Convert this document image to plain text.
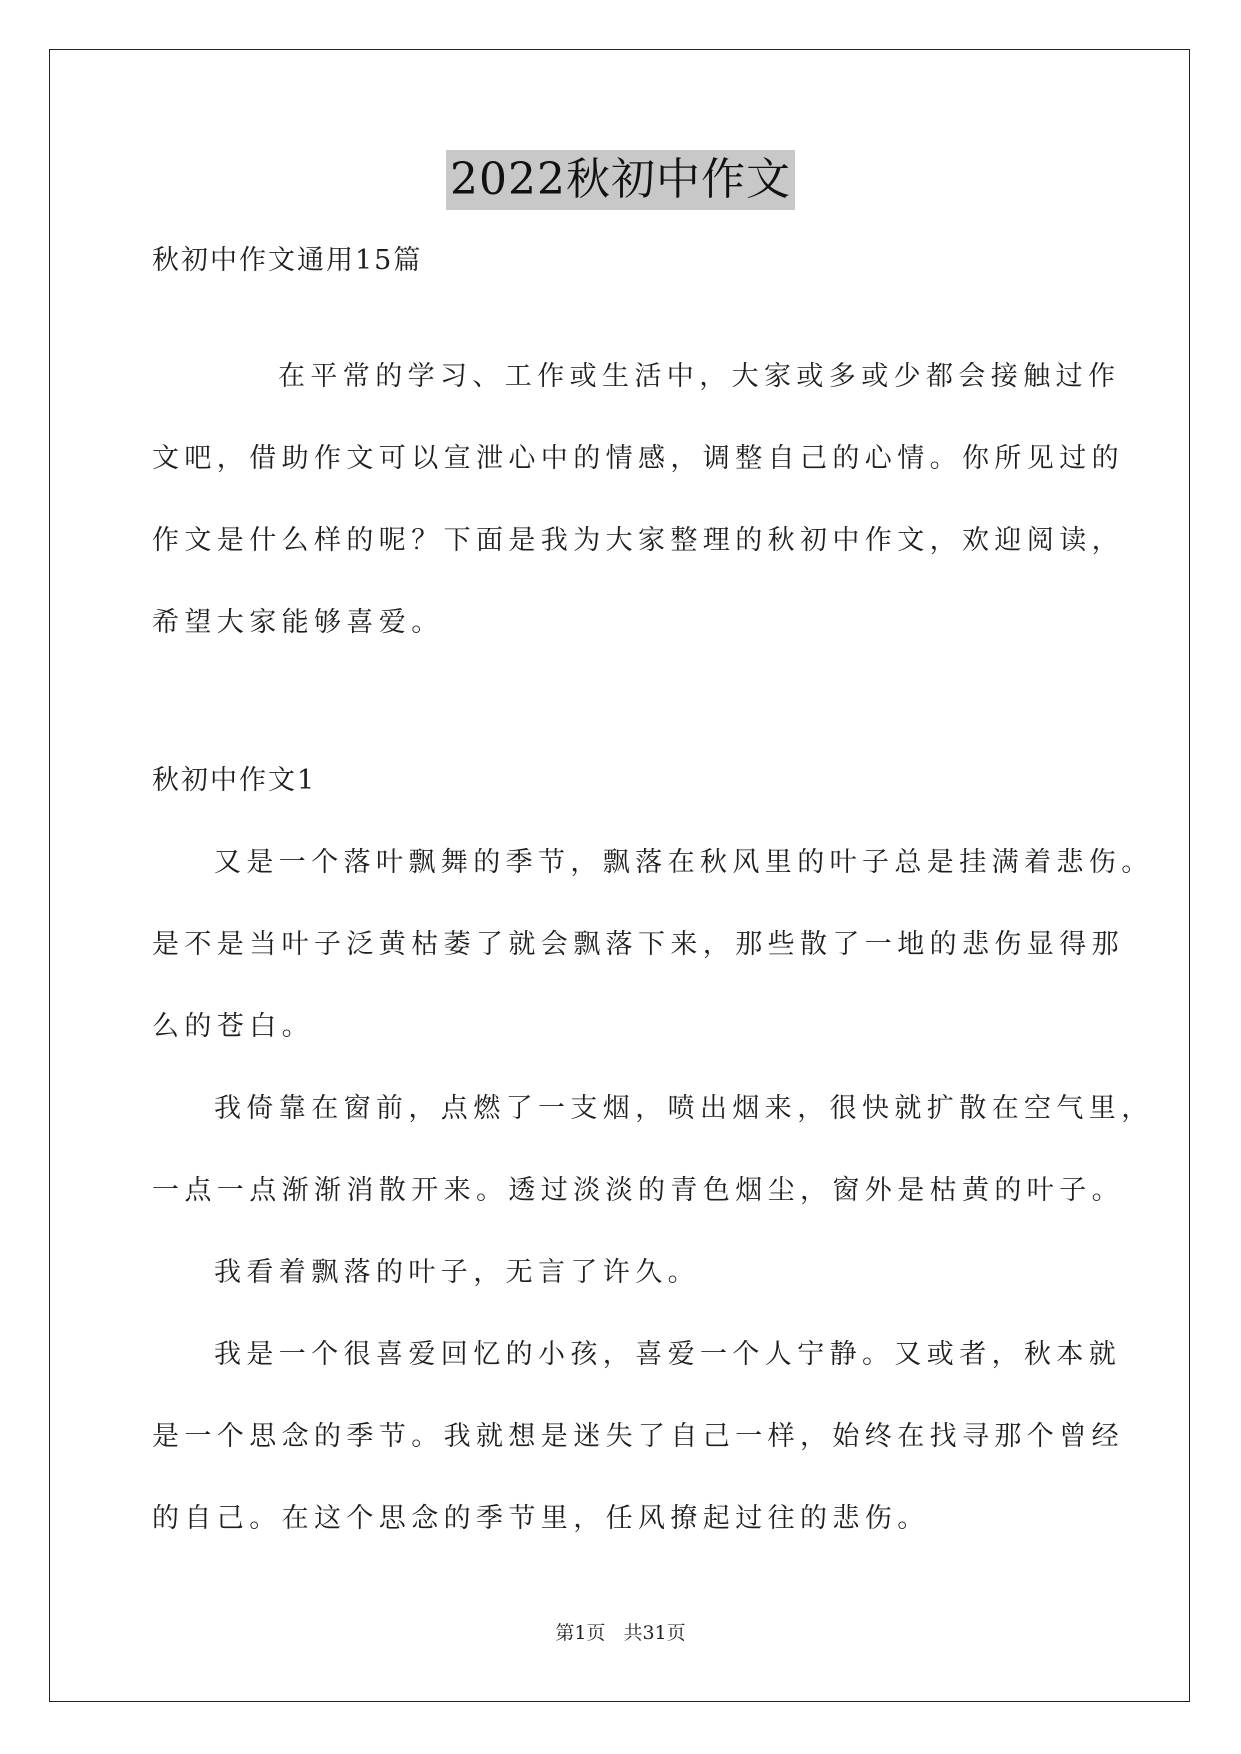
2022秋初中作文
秋初中作文通用15篇
在平常的学习、工作或生活中，大家或多或少都会接触过作
文吧，借助作文可以宣泄心中的情感，调整自己的心情。你所见过的
作文是什么样的呢？下面是我为大家整理的秋初中作文，欢迎阅读，
希望大家能够喜爱。
秋初中作文1
又是一个落叶飘舞的季节，飘落在秋风里的叶子总是挂满着悲伤。
是不是当叶子泛黄枯萎了就会飘落下来，那些散了一地的悲伤显得那
么的苍白。
我倚靠在窗前，点燃了一支烟，喷出烟来，很快就扩散在空气里，
一点一点渐渐消散开来。透过淡淡的青色烟尘，窗外是枯黄的叶子。
我看着飘落的叶子，无言了许久。
我是一个很喜爱回忆的小孩，喜爱一个人宁静。又或者，秋本就
是一个思念的季节。我就想是迷失了自己一样，始终在找寻那个曾经
的自己。在这个思念的季节里，任风撩起过往的悲伤。
第1页 共31页
